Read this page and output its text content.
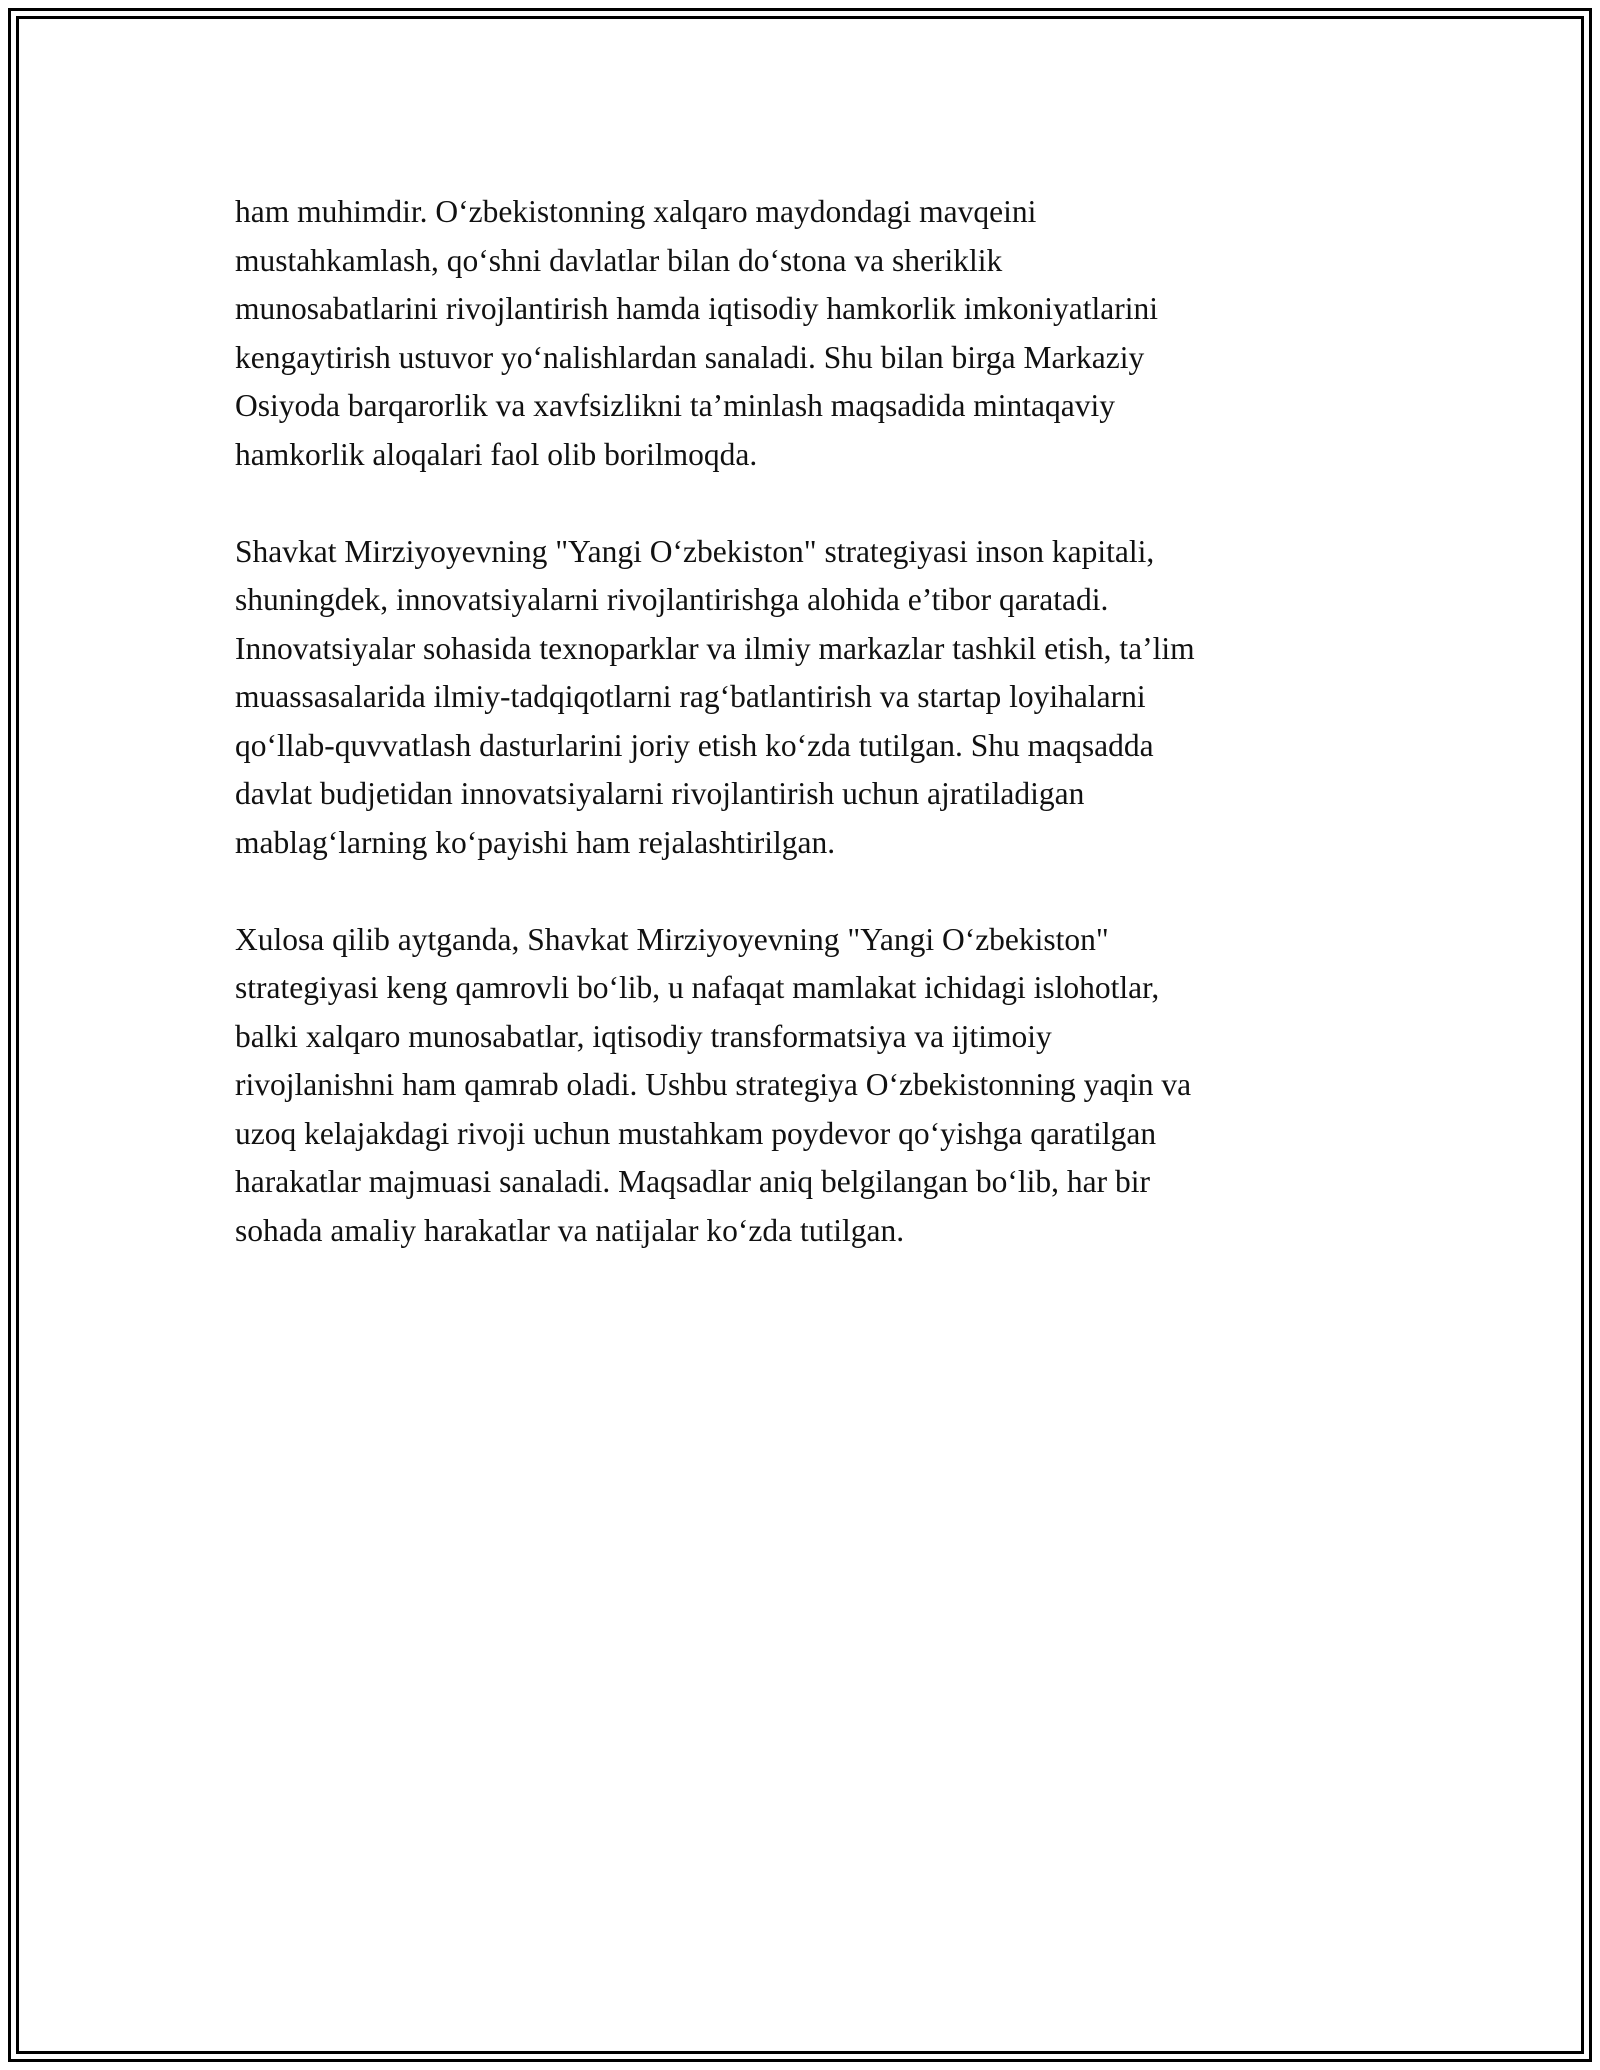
ham muhimdir. O‘zbekistonning xalqaro maydondagi mavqeini
mustahkamlash, qo‘shni davlatlar bilan do‘stona va sheriklik
munosabatlarini rivojlantirish hamda iqtisodiy hamkorlik imkoniyatlarini
kengaytirish ustuvor yo‘nalishlardan sanaladi. Shu bilan birga Markaziy
Osiyoda barqarorlik va xavfsizlikni ta’minlash maqsadida mintaqaviy
hamkorlik aloqalari faol olib borilmoqda.

Shavkat Mirziyoyevning "Yangi O‘zbekiston" strategiyasi inson kapitali,
shuningdek, innovatsiyalarni rivojlantirishga alohida e’tibor qaratadi.
Innovatsiyalar sohasida texnoparklar va ilmiy markazlar tashkil etish, ta’lim
muassasalarida ilmiy-tadqiqotlarni rag‘batlantirish va startap loyihalarni
qo‘llab-quvvatlash dasturlarini joriy etish ko‘zda tutilgan. Shu maqsadda
davlat budjetidan innovatsiyalarni rivojlantirish uchun ajratiladigan
mablag‘larning ko‘payishi ham rejalashtirilgan.

Xulosa qilib aytganda, Shavkat Mirziyoyevning "Yangi O‘zbekiston"
strategiyasi keng qamrovli bo‘lib, u nafaqat mamlakat ichidagi islohotlar,
balki xalqaro munosabatlar, iqtisodiy transformatsiya va ijtimoiy
rivojlanishni ham qamrab oladi. Ushbu strategiya O‘zbekistonning yaqin va
uzoq kelajakdagi rivoji uchun mustahkam poydevor qo‘yishga qaratilgan
harakatlar majmuasi sanaladi. Maqsadlar aniq belgilangan bo‘lib, har bir
sohada amaliy harakatlar va natijalar ko‘zda tutilgan.
